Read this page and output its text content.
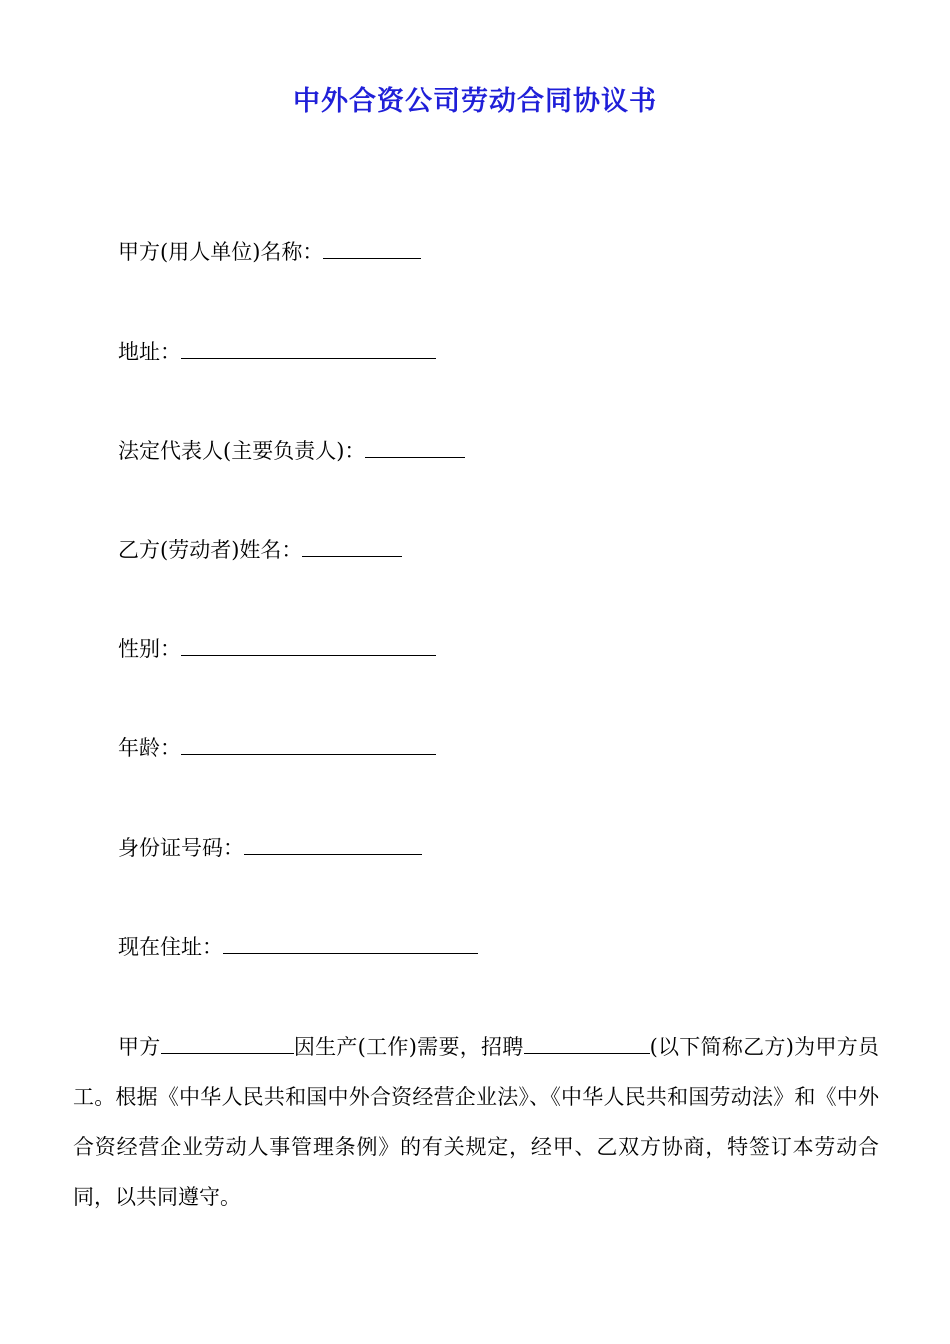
中外合资公司劳动合同协议书
甲方(用人单位)名称：
地址：
法定代表人(主要负责人)：
乙方(劳动者)姓名：
性别：
年龄：
身份证号码：
现在住址：
甲方	因生产(工作)需要，招聘	(以下简称乙方)为甲方员工。根据《中华人民共和国中外合资经营企业法》、《中华人民共和国劳动法》和《中外合资经营企业劳动人事管理条例》的有关规定，经甲、乙双方协商，特签订本劳动合同，以共同遵守。
